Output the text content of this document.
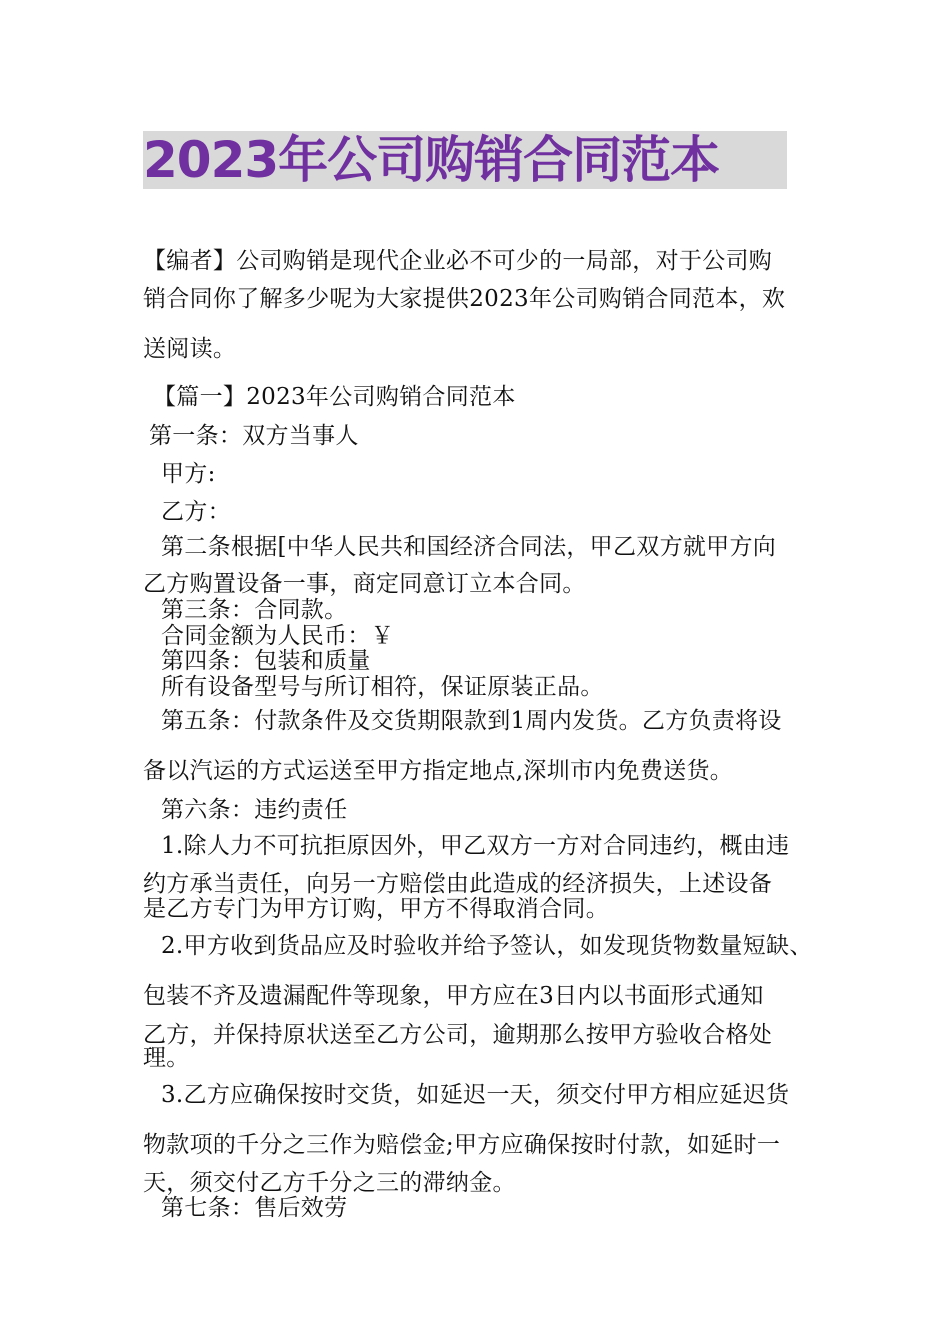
2023年公司购销合同范本
【编者】公司购销是现代企业必不可少的一局部，对于公司购
销合同你了解多少呢为大家提供2023年公司购销合同范本，欢
送阅读。
【篇一】2023年公司购销合同范本
第一条：双方当事人
甲方:
乙方：
第二条根据[中华人民共和国经济合同法，甲乙双方就甲方向
乙方购置设备一事，商定同意订立本合同。
第三条：合同款。
合同金额为人民币：￥
第四条：包装和质量
所有设备型号与所订相符，保证原装正品。
第五条：付款条件及交货期限款到1周内发货。乙方负责将设
备以汽运的方式运送至甲方指定地点,深圳市内免费送货。
第六条：违约责任
1.除人力不可抗拒原因外，甲乙双方一方对合同违约，概由违
约方承当责任，向另一方赔偿由此造成的经济损失，上述设备
是乙方专门为甲方订购，甲方不得取消合同。
2.甲方收到货品应及时验收并给予签认，如发现货物数量短缺、
包装不齐及遗漏配件等现象，甲方应在3日内以书面形式通知
乙方，并保持原状送至乙方公司，逾期那么按甲方验收合格处
理。
3.乙方应确保按时交货，如延迟一天，须交付甲方相应延迟货
物款项的千分之三作为赔偿金;甲方应确保按时付款，如延时一
天，须交付乙方千分之三的滞纳金。
第七条：售后效劳
